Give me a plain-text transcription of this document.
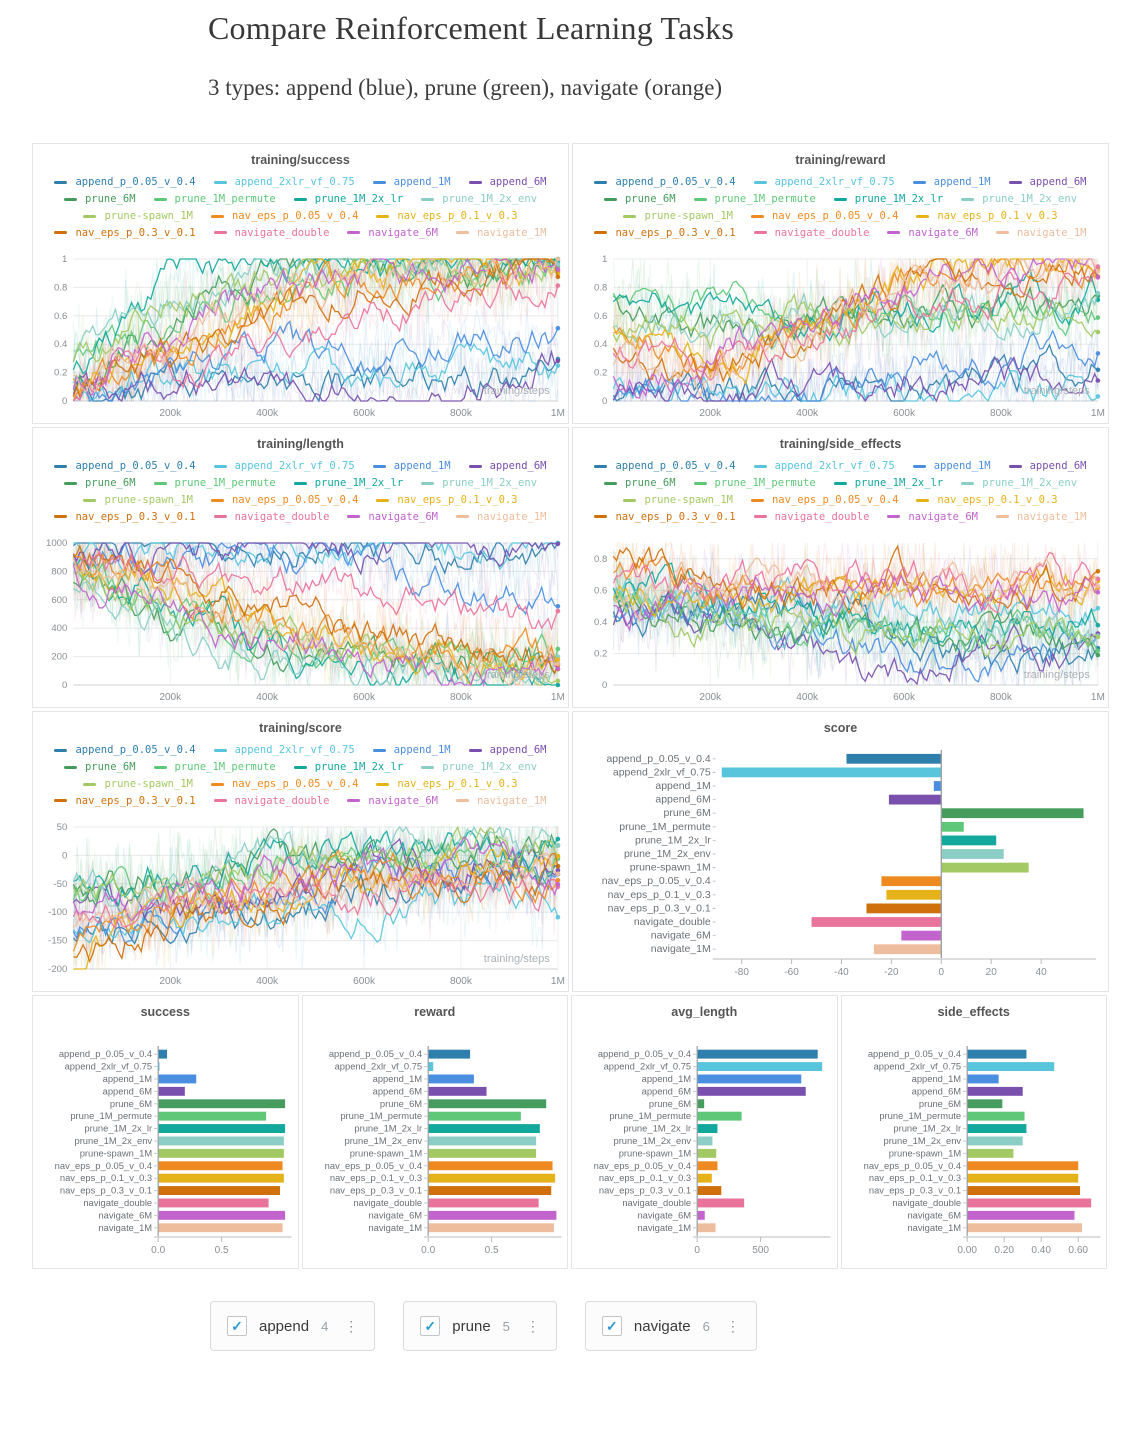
Compare Reinforcement Learning Tasks

3 types: append (blue), prune (green), navigate (orange)

training/success
append_p_0.05_v_0.4	append_2xlr_vf_0.75	append_1M	append_6M
prune_6M	prune_1M_permute	prune_1M_2x_lr	prune_1M_2x_env
prune-spawn_1M	nav_eps_p_0.05_v_0.4	nav_eps_p_0.1_v_0.3
nav_eps_p_0.3_v_0.1	navigate_double	navigate_6M	navigate_1M
0
0.2
0.4
0.6
0.8
1
200k	400k	600k	800k	1M
training/steps
training/reward
append_p_0.05_v_0.4	append_2xlr_vf_0.75	append_1M	append_6M
prune_6M	prune_1M_permute	prune_1M_2x_lr	prune_1M_2x_env
prune-spawn_1M	nav_eps_p_0.05_v_0.4	nav_eps_p_0.1_v_0.3
nav_eps_p_0.3_v_0.1	navigate_double	navigate_6M	navigate_1M
0
0.2
0.4
0.6
0.8
1
200k	400k	600k	800k	1M
training/steps
training/length
append_p_0.05_v_0.4	append_2xlr_vf_0.75	append_1M	append_6M
prune_6M	prune_1M_permute	prune_1M_2x_lr	prune_1M_2x_env
prune-spawn_1M	nav_eps_p_0.05_v_0.4	nav_eps_p_0.1_v_0.3
nav_eps_p_0.3_v_0.1	navigate_double	navigate_6M	navigate_1M
0
200
400
600
800
1000
200k	400k	600k	800k	1M
training/steps
training/side_effects
append_p_0.05_v_0.4	append_2xlr_vf_0.75	append_1M	append_6M
prune_6M	prune_1M_permute	prune_1M_2x_lr	prune_1M_2x_env
prune-spawn_1M	nav_eps_p_0.05_v_0.4	nav_eps_p_0.1_v_0.3
nav_eps_p_0.3_v_0.1	navigate_double	navigate_6M	navigate_1M
0
0.2
0.4
0.6
0.8
200k	400k	600k	800k	1M
training/steps
training/score
append_p_0.05_v_0.4	append_2xlr_vf_0.75	append_1M	append_6M
prune_6M	prune_1M_permute	prune_1M_2x_lr	prune_1M_2x_env
prune-spawn_1M	nav_eps_p_0.05_v_0.4	nav_eps_p_0.1_v_0.3
nav_eps_p_0.3_v_0.1	navigate_double	navigate_6M	navigate_1M
-200
-150
-100
-50
0
50
200k	400k	600k	800k	1M
training/steps
score
append_p_0.05_v_0.4
append_2xlr_vf_0.75
append_1M
append_6M
prune_6M
prune_1M_permute
prune_1M_2x_lr
prune_1M_2x_env
prune-spawn_1M
nav_eps_p_0.05_v_0.4
nav_eps_p_0.1_v_0.3
nav_eps_p_0.3_v_0.1
navigate_double
navigate_6M
navigate_1M
-80	-60	-40	-20	0	20	40
success
append_p_0.05_v_0.4
append_2xlr_vf_0.75
append_1M
append_6M
prune_6M
prune_1M_permute
prune_1M_2x_lr
prune_1M_2x_env
prune-spawn_1M
nav_eps_p_0.05_v_0.4
nav_eps_p_0.1_v_0.3
nav_eps_p_0.3_v_0.1
navigate_double
navigate_6M
navigate_1M
0.0	0.5
reward
append_p_0.05_v_0.4
append_2xlr_vf_0.75
append_1M
append_6M
prune_6M
prune_1M_permute
prune_1M_2x_lr
prune_1M_2x_env
prune-spawn_1M
nav_eps_p_0.05_v_0.4
nav_eps_p_0.1_v_0.3
nav_eps_p_0.3_v_0.1
navigate_double
navigate_6M
navigate_1M
0.0	0.5
avg_length
append_p_0.05_v_0.4
append_2xlr_vf_0.75
append_1M
append_6M
prune_6M
prune_1M_permute
prune_1M_2x_lr
prune_1M_2x_env
prune-spawn_1M
nav_eps_p_0.05_v_0.4
nav_eps_p_0.1_v_0.3
nav_eps_p_0.3_v_0.1
navigate_double
navigate_6M
navigate_1M
0	500
side_effects
append_p_0.05_v_0.4
append_2xlr_vf_0.75
append_1M
append_6M
prune_6M
prune_1M_permute
prune_1M_2x_lr
prune_1M_2x_env
prune-spawn_1M
nav_eps_p_0.05_v_0.4
nav_eps_p_0.1_v_0.3
nav_eps_p_0.3_v_0.1
navigate_double
navigate_6M
navigate_1M
0.00 0.20 0.40 0.60
✓ append 4 ⋮	✓ prune 5 ⋮	✓ navigate 6 ⋮
